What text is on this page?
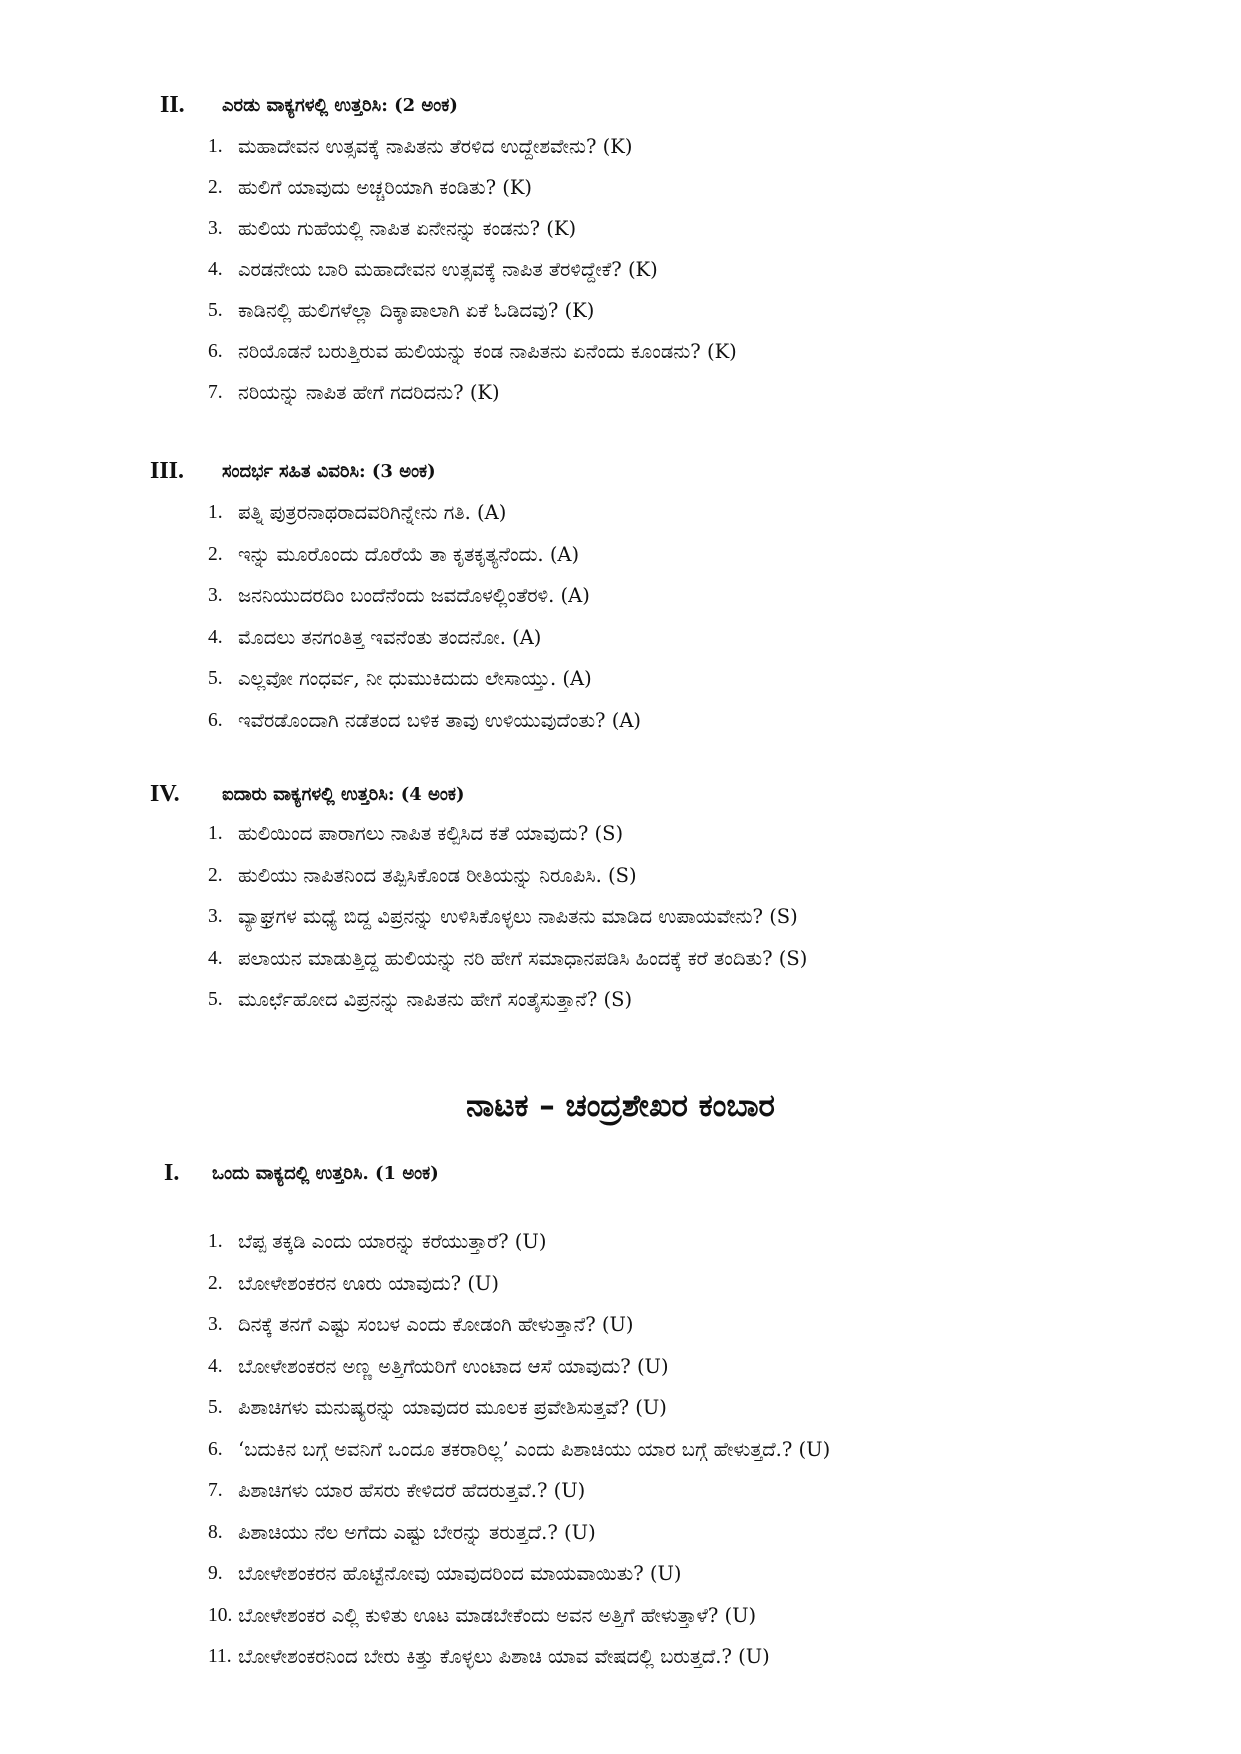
II. ಎರಡು ವಾಕ್ಯಗಳಲ್ಲಿ ಉತ್ತರಿಸಿ: (2 ಅಂಕ)
1. ಮಹಾದೇವನ ಉತ್ಸವಕ್ಕೆ ನಾಪಿತನು ತೆರಳಿದ ಉದ್ದೇಶವೇನು? (K)
2. ಹುಲಿಗೆ ಯಾವುದು ಅಚ್ಚರಿಯಾಗಿ ಕಂಡಿತು? (K)
3. ಹುಲಿಯ ಗುಹೆಯಲ್ಲಿ ನಾಪಿತ ಏನೇನನ್ನು ಕಂಡನು? (K)
4. ಎರಡನೇಯ ಬಾರಿ ಮಹಾದೇವನ ಉತ್ಸವಕ್ಕೆ ನಾಪಿತ ತೆರಳಿದ್ದೇಕೆ? (K)
5. ಕಾಡಿನಲ್ಲಿ ಹುಲಿಗಳೆಲ್ಲಾ ದಿಕ್ಕಾಪಾಲಾಗಿ ಏಕೆ ಓಡಿದವು? (K)
6. ನರಿಯೊಡನೆ ಬರುತ್ತಿರುವ ಹುಲಿಯನ್ನು ಕಂಡ ನಾಪಿತನು ಏನೆಂದು ಕೂಂಡನು? (K)
7. ನರಿಯನ್ನು ನಾಪಿತ ಹೇಗೆ ಗದರಿದನು? (K)
III. ಸಂದರ್ಭ ಸಹಿತ ವಿವರಿಸಿ: (3 ಅಂಕ)
1. ಪತ್ನಿ ಪುತ್ರರನಾಥರಾದವರಿಗಿನ್ನೇನು ಗತಿ. (A)
2. ಇನ್ನು ಮೂರೊಂದು ದೊರೆಯೆ ತಾ ಕೃತಕೃತ್ಯನೆಂದು. (A)
3. ಜನನಿಯುದರದಿಂ ಬಂದೆನೆಂದು ಜವದೊಳಲ್ಲಿಂತೆರಳಿ. (A)
4. ಮೊದಲು ತನಗಂತಿತ್ತ ಇವನೆಂತು ತಂದನೋ. (A)
5. ಎಲ್ಲವೋ ಗಂಧರ್ವ, ನೀ ಧುಮುಕಿದುದು ಲೇಸಾಯ್ತು. (A)
6. ಇವೆರಡೊಂದಾಗಿ ನಡೆತಂದ ಬಳಿಕ ತಾವು ಉಳಿಯುವುದೆಂತು? (A)
IV. ಐದಾರು ವಾಕ್ಯಗಳಲ್ಲಿ ಉತ್ತರಿಸಿ: (4 ಅಂಕ)
1. ಹುಲಿಯಿಂದ ಪಾರಾಗಲು ನಾಪಿತ ಕಲ್ಪಿಸಿದ ಕತೆ ಯಾವುದು? (S)
2. ಹುಲಿಯು ನಾಪಿತನಿಂದ ತಪ್ಪಿಸಿಕೊಂಡ ರೀತಿಯನ್ನು ನಿರೂಪಿಸಿ. (S)
3. ವ್ಯಾಘ್ರಗಳ ಮಧ್ಯೆ ಬಿದ್ದ ವಿಪ್ರನನ್ನು ಉಳಿಸಿಕೊಳ್ಳಲು ನಾಪಿತನು ಮಾಡಿದ ಉಪಾಯವೇನು? (S)
4. ಪಲಾಯನ ಮಾಡುತ್ತಿದ್ದ ಹುಲಿಯನ್ನು ನರಿ ಹೇಗೆ ಸಮಾಧಾನಪಡಿಸಿ ಹಿಂದಕ್ಕೆ ಕರೆ ತಂದಿತು? (S)
5. ಮೂರ್ಛೆಹೋದ ವಿಪ್ರನನ್ನು ನಾಪಿತನು ಹೇಗೆ ಸಂತೈಸುತ್ತಾನೆ? (S)
ನಾಟಕ – ಚಂದ್ರಶೇಖರ ಕಂಬಾರ
I. ಒಂದು ವಾಕ್ಯದಲ್ಲಿ ಉತ್ತರಿಸಿ. (1 ಅಂಕ)
1. ಬೆಪ್ಪ ತಕ್ಕಡಿ ಎಂದು ಯಾರನ್ನು ಕರೆಯುತ್ತಾರೆ? (U)
2. ಬೋಳೇಶಂಕರನ ಊರು ಯಾವುದು? (U)
3. ದಿನಕ್ಕೆ ತನಗೆ ಎಷ್ಟು ಸಂಬಳ ಎಂದು ಕೋಡಂಗಿ ಹೇಳುತ್ತಾನೆ? (U)
4. ಬೋಳೇಶಂಕರನ ಅಣ್ಣ ಅತ್ತಿಗೆಯರಿಗೆ ಉಂಟಾದ ಆಸೆ ಯಾವುದು? (U)
5. ಪಿಶಾಚಿಗಳು ಮನುಷ್ಯರನ್ನು ಯಾವುದರ ಮೂಲಕ ಪ್ರವೇಶಿಸುತ್ತವೆ? (U)
6. ‘ಬದುಕಿನ ಬಗ್ಗೆ ಅವನಿಗೆ ಒಂದೂ ತಕರಾರಿಲ್ಲ’ ಎಂದು ಪಿಶಾಚಿಯು ಯಾರ ಬಗ್ಗೆ ಹೇಳುತ್ತದೆ.? (U)
7. ಪಿಶಾಚಿಗಳು ಯಾರ ಹೆಸರು ಕೇಳಿದರೆ ಹೆದರುತ್ತವೆ.? (U)
8. ಪಿಶಾಚಿಯು ನೆಲ ಅಗೆದು ಎಷ್ಟು ಬೇರನ್ನು ತರುತ್ತದೆ.? (U)
9. ಬೋಳೇಶಂಕರನ ಹೊಟ್ಟೆನೋವು ಯಾವುದರಿಂದ ಮಾಯವಾಯಿತು? (U)
10. ಬೋಳೇಶಂಕರ ಎಲ್ಲಿ ಕುಳಿತು ಊಟ ಮಾಡಬೇಕೆಂದು ಅವನ ಅತ್ತಿಗೆ ಹೇಳುತ್ತಾಳೆ? (U)
11. ಬೋಳೇಶಂಕರನಿಂದ ಬೇರು ಕಿತ್ತು ಕೊಳ್ಳಲು ಪಿಶಾಚಿ ಯಾವ ವೇಷದಲ್ಲಿ ಬರುತ್ತದೆ.? (U)
